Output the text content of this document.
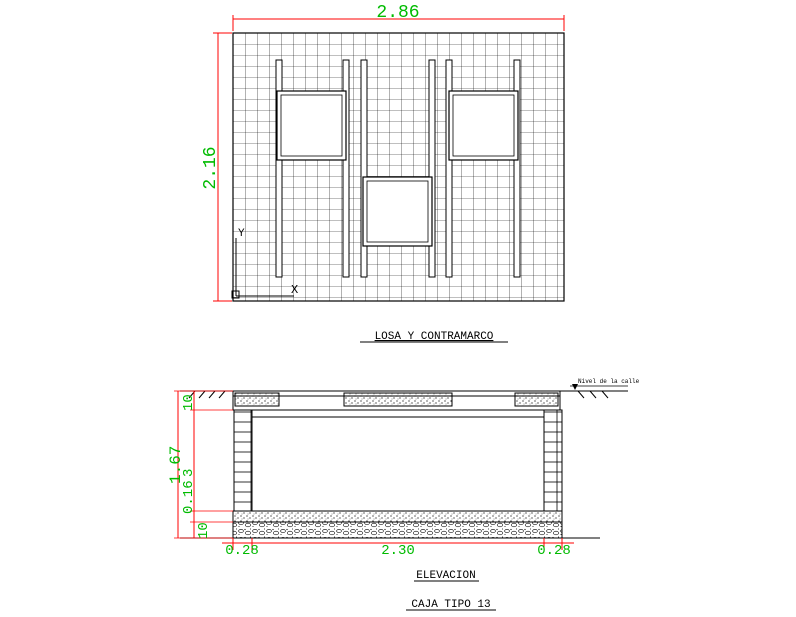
Y
X
2.86
2.16
LOSA Y CONTRAMARCO
Nivel de la calle
10
1.67
0.16
3
10
0.28	2.30	0.28
ELEVACION
CAJA TIPO 13
